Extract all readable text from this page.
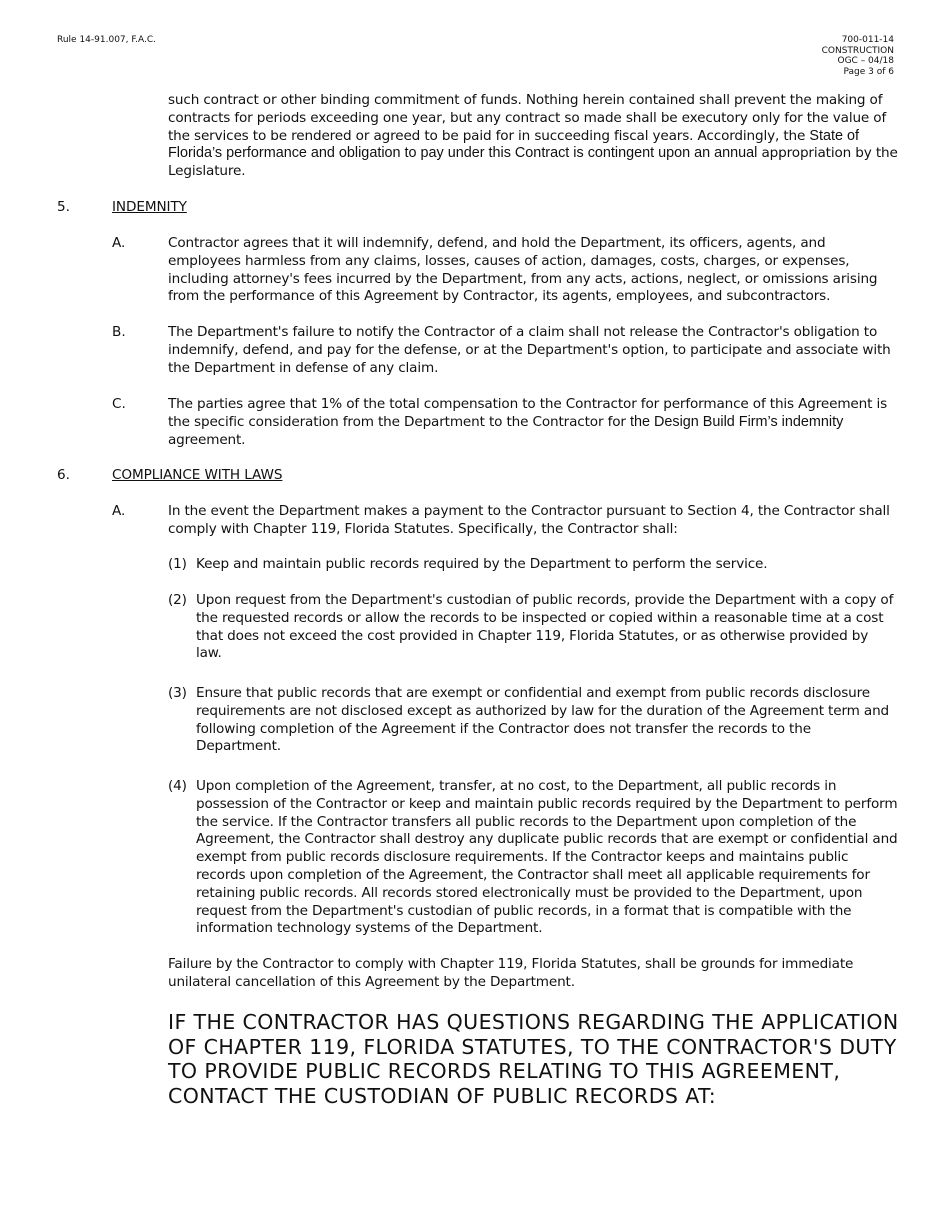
Rule 14-91.007, F.A.C.	700-011-14
CONSTRUCTION
OGC – 04/18
Page 3 of 6

such contract or other binding commitment of funds. Nothing herein contained shall prevent the making of contracts for periods exceeding one year, but any contract so made shall be executory only for the value of the services to be rendered or agreed to be paid for in succeeding fiscal years. Accordingly, the State of Florida’s performance and obligation to pay under this Contract is contingent upon an annual appropriation by the Legislature.

5.	INDEMNITY
A.	Contractor agrees that it will indemnify, defend, and hold the Department, its officers, agents, and employees harmless from any claims, losses, causes of action, damages, costs, charges, or expenses, including attorney's fees incurred by the Department, from any acts, actions, neglect, or omissions arising from the performance of this Agreement by Contractor, its agents, employees, and subcontractors.

B.	The Department's failure to notify the Contractor of a claim shall not release the Contractor's obligation to indemnify, defend, and pay for the defense, or at the Department's option, to participate and associate with the Department in defense of any claim.

C.	The parties agree that 1% of the total compensation to the Contractor for performance of this Agreement is the specific consideration from the Department to the Contractor for the Design Build Firm’s indemnity agreement.

6.	COMPLIANCE WITH LAWS
A.	In the event the Department makes a payment to the Contractor pursuant to Section 4, the Contractor shall comply with Chapter 119, Florida Statutes. Specifically, the Contractor shall:

(1) Keep and maintain public records required by the Department to perform the service.
(2) Upon request from the Department's custodian of public records, provide the Department with a copy of the requested records or allow the records to be inspected or copied within a reasonable time at a cost that does not exceed the cost provided in Chapter 119, Florida Statutes, or as otherwise provided by law.
(3) Ensure that public records that are exempt or confidential and exempt from public records disclosure requirements are not disclosed except as authorized by law for the duration of the Agreement term and following completion of the Agreement if the Contractor does not transfer the records to the Department.
(4) Upon completion of the Agreement, transfer, at no cost, to the Department, all public records in possession of the Contractor or keep and maintain public records required by the Department to perform the service. If the Contractor transfers all public records to the Department upon completion of the Agreement, the Contractor shall destroy any duplicate public records that are exempt or confidential and exempt from public records disclosure requirements. If the Contractor keeps and maintains public records upon completion of the Agreement, the Contractor shall meet all applicable requirements for retaining public records. All records stored electronically must be provided to the Department, upon request from the Department's custodian of public records, in a format that is compatible with the information technology systems of the Department.

Failure by the Contractor to comply with Chapter 119, Florida Statutes, shall be grounds for immediate unilateral cancellation of this Agreement by the Department.

IF THE CONTRACTOR HAS QUESTIONS REGARDING THE APPLICATION OF CHAPTER 119, FLORIDA STATUTES, TO THE CONTRACTOR'S DUTY TO PROVIDE PUBLIC RECORDS RELATING TO THIS AGREEMENT, CONTACT THE CUSTODIAN OF PUBLIC RECORDS AT:
